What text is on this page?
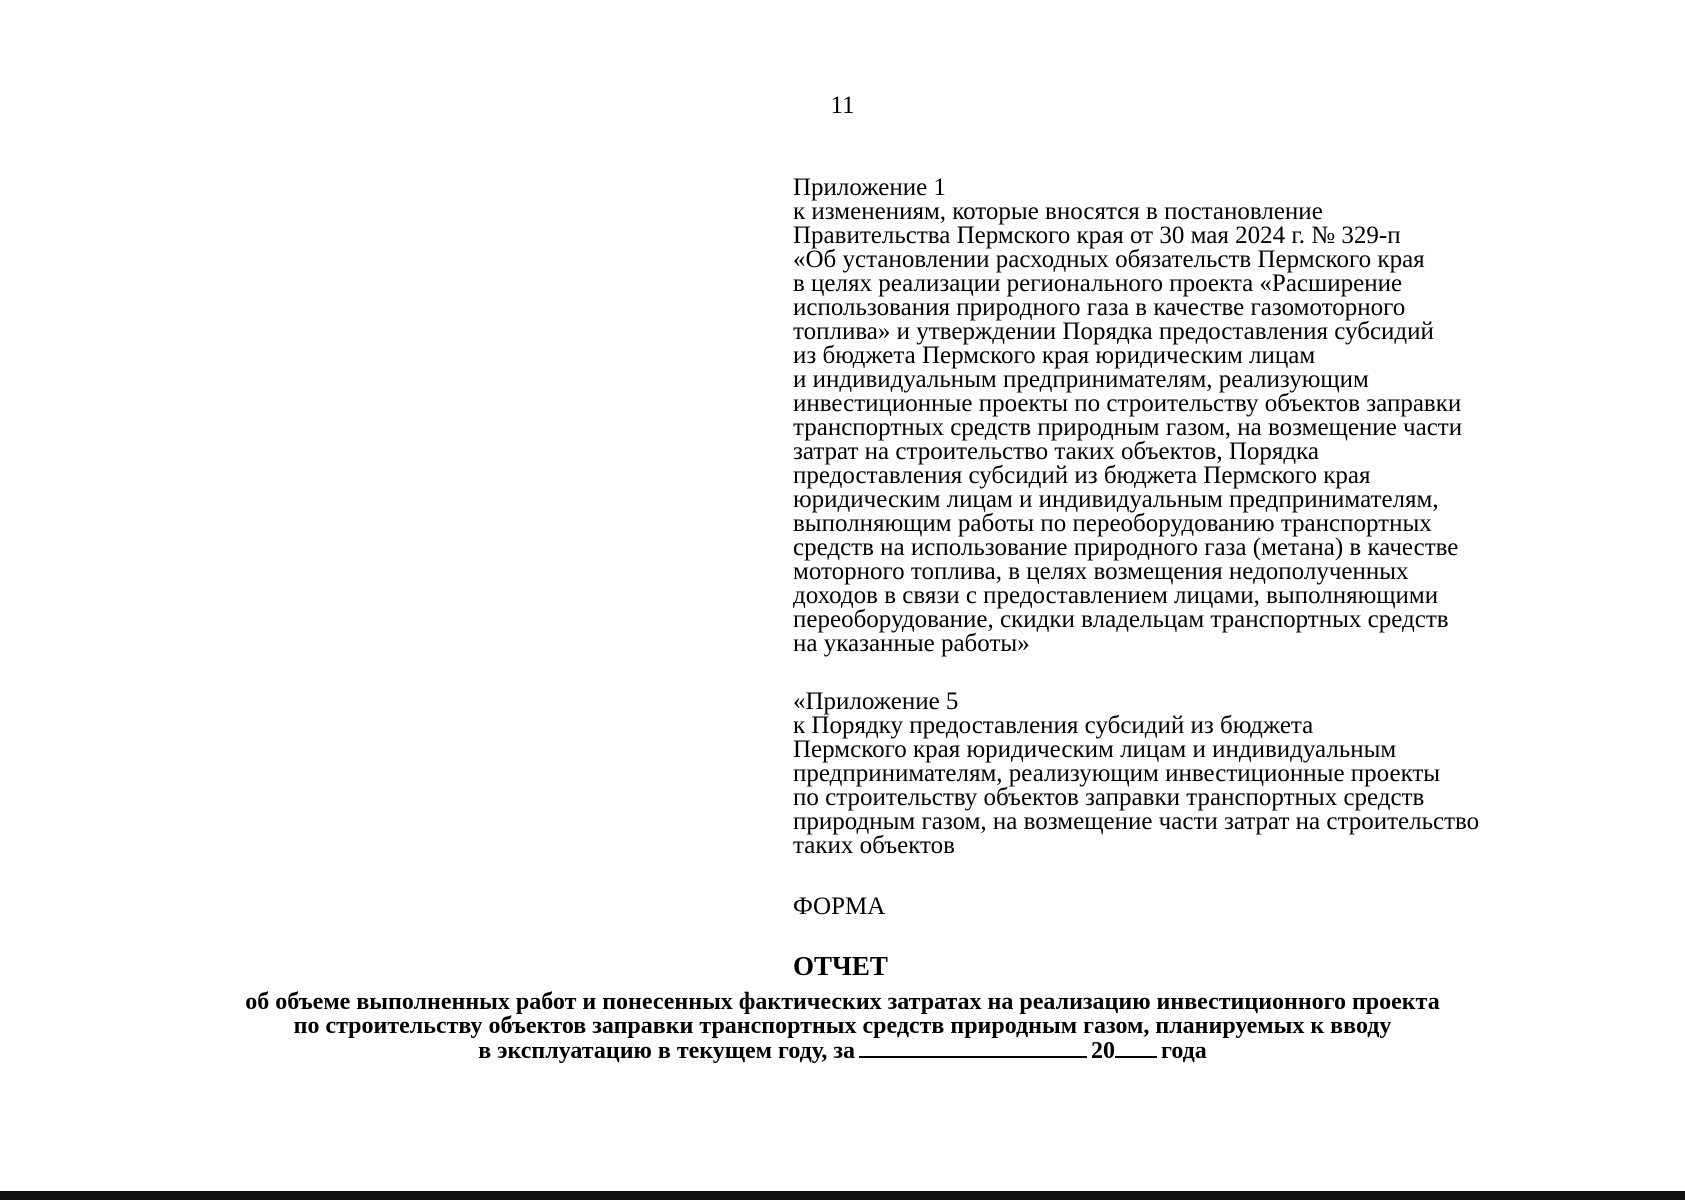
11
Приложение 1
к изменениям, которые вносятся в постановление
Правительства Пермского края от 30 мая 2024 г. № 329-п
«Об установлении расходных обязательств Пермского края
в целях реализации регионального проекта «Расширение
использования природного газа в качестве газомоторного
топлива» и утверждении Порядка предоставления субсидий
из бюджета Пермского края юридическим лицам
и индивидуальным предпринимателям, реализующим
инвестиционные проекты по строительству объектов заправки
транспортных средств природным газом, на возмещение части
затрат на строительство таких объектов, Порядка
предоставления субсидий из бюджета Пермского края
юридическим лицам и индивидуальным предпринимателям,
выполняющим работы по переоборудованию транспортных
средств на использование природного газа (метана) в качестве
моторного топлива, в целях возмещения недополученных
доходов в связи с предоставлением лицами, выполняющими
переоборудование, скидки владельцам транспортных средств
на указанные работы»
«Приложение 5
к Порядку предоставления субсидий из бюджета
Пермского края юридическим лицам и индивидуальным
предпринимателям, реализующим инвестиционные проекты
по строительству объектов заправки транспортных средств
природным газом, на возмещение части затрат на строительство
таких объектов
ФОРМА
ОТЧЕТ
об объеме выполненных работ и понесенных фактических затратах на реализацию инвестиционного проекта
по строительству объектов заправки транспортных средств природным газом, планируемых к вводу
в эксплуатацию в текущем году, за	20 года
